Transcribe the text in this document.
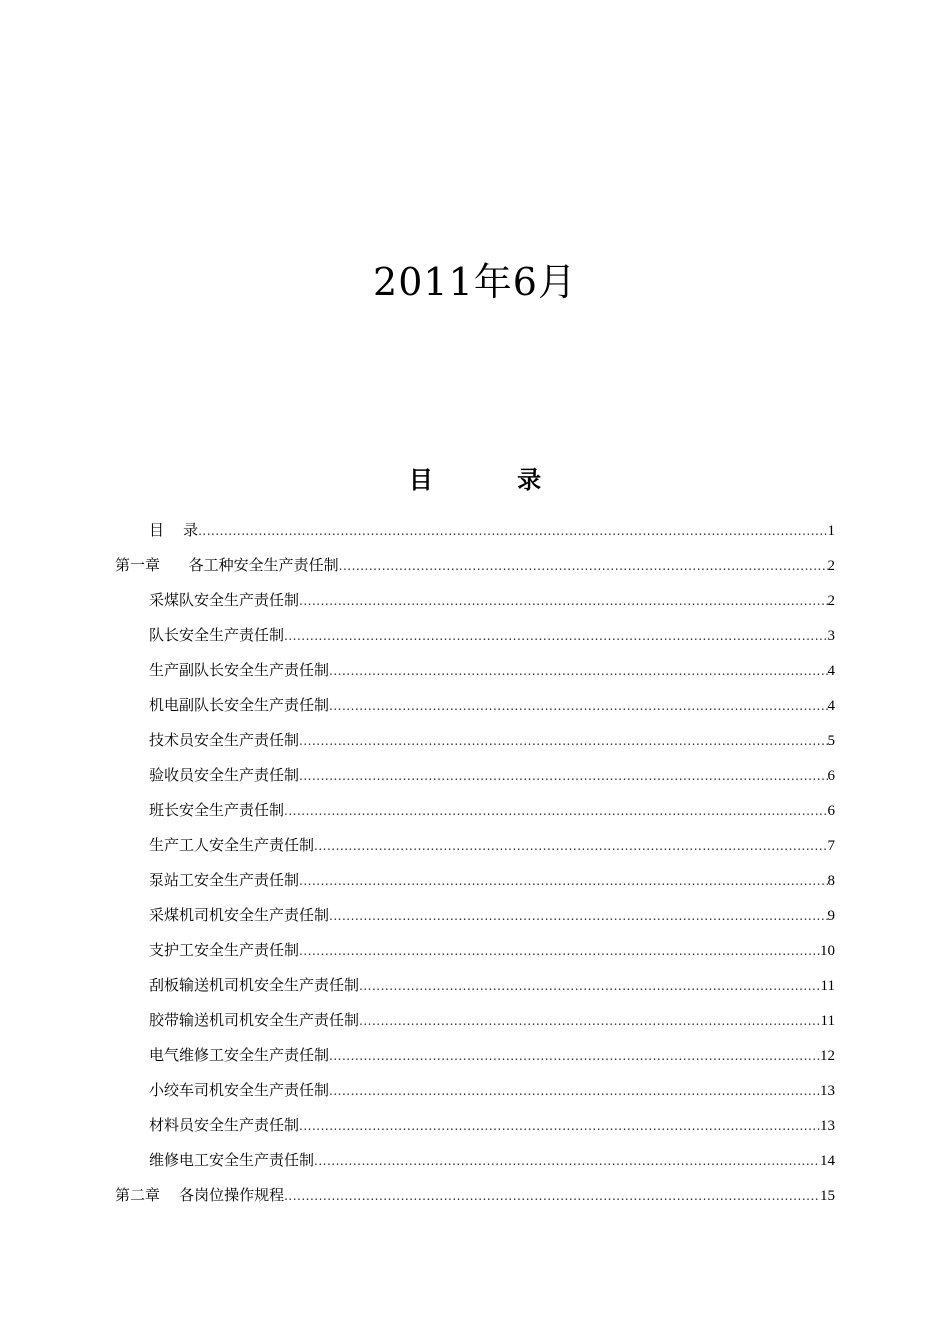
2011年6月
目 录
目    录 .....	1
第一章      各工种安全生产责任制 .....	2
采煤队安全生产责任制 .....	2
队长安全生产责任制 .....	3
生产副队长安全生产责任制 .....	4
机电副队长安全生产责任制 .....	4
技术员安全生产责任制 .....	5
验收员安全生产责任制 .....	6
班长安全生产责任制 .....	6
生产工人安全生产责任制 .....	7
泵站工安全生产责任制 .....	8
采煤机司机安全生产责任制 .....	9
支护工安全生产责任制 .....	10
刮板输送机司机安全生产责任制 .....	11
胶带输送机司机安全生产责任制 .....	11
电气维修工安全生产责任制 .....	12
小绞车司机安全生产责任制 .....	13
材料员安全生产责任制 .....	13
维修电工安全生产责任制 .....	14
第二章    各岗位操作规程 .....	15
